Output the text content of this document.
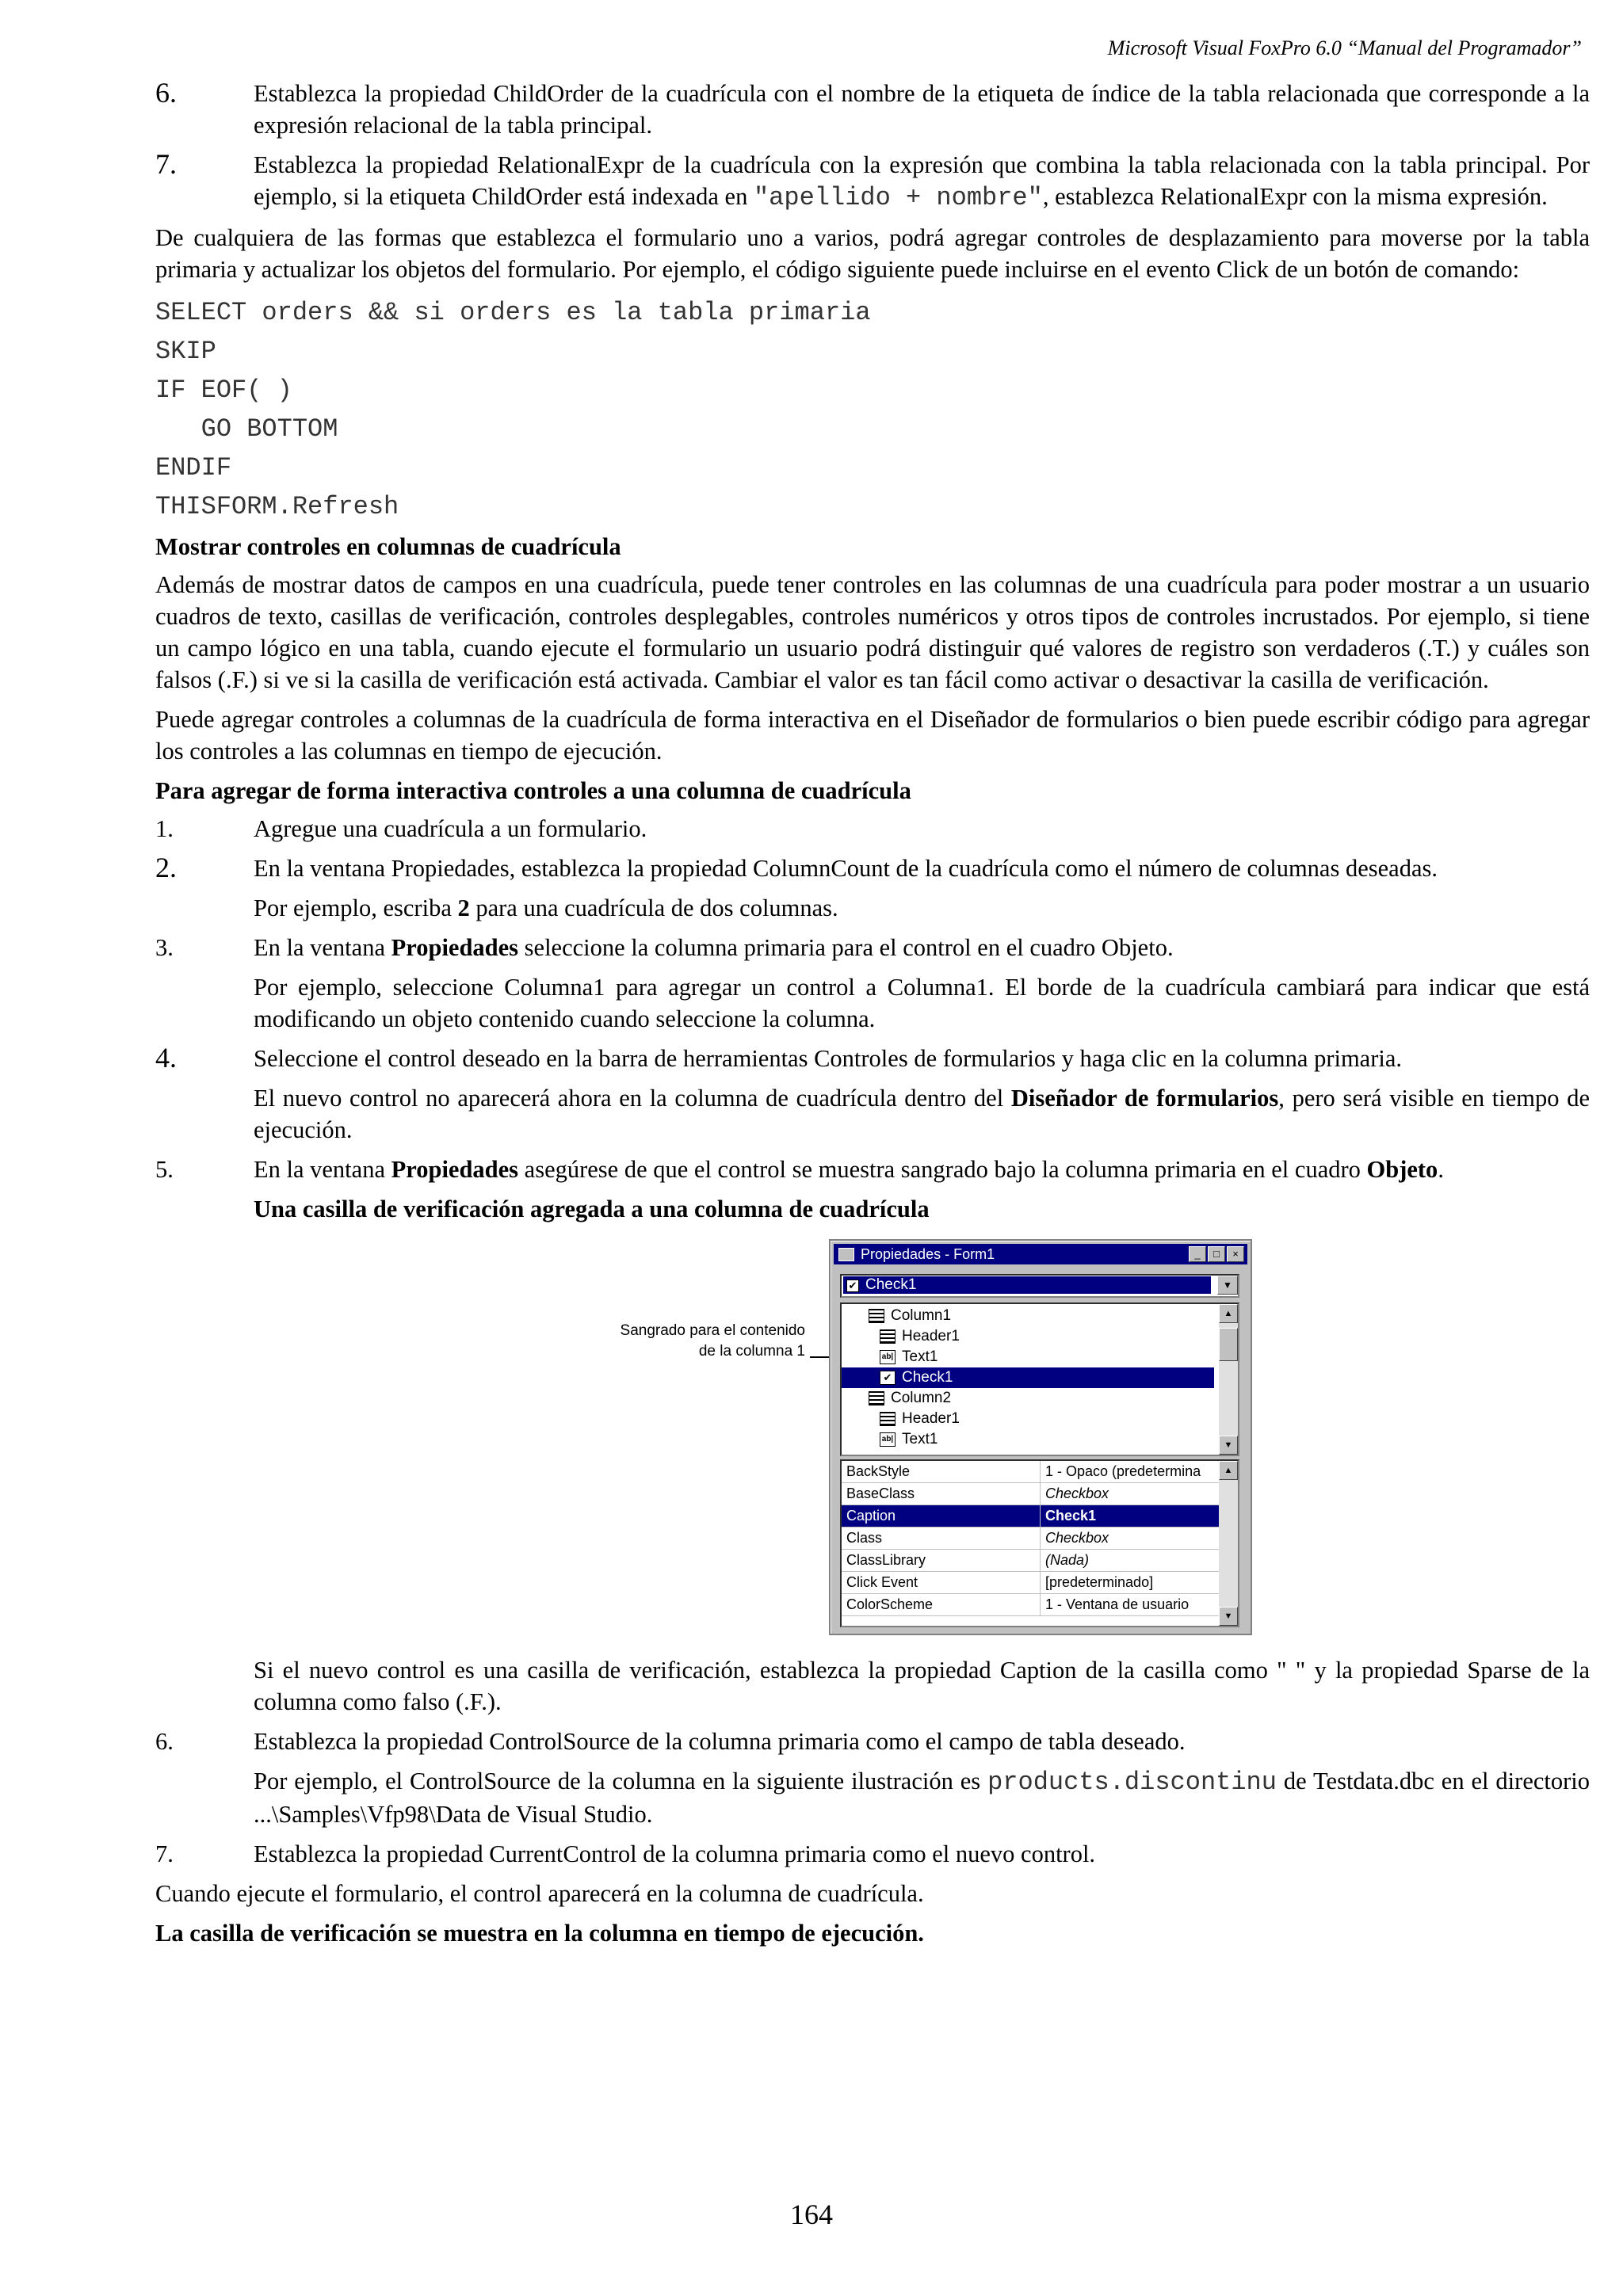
Microsoft Visual FoxPro 6.0 “Manual del Programador”
6.	Establezca la propiedad ChildOrder de la cuadrícula con el nombre de la etiqueta de índice de la tabla relacionada que corresponde a la expresión relacional de la tabla principal.
7.	Establezca la propiedad RelationalExpr de la cuadrícula con la expresión que combina la tabla relacionada con la tabla principal. Por ejemplo, si la etiqueta ChildOrder está indexada en "apellido + nombre", establezca RelationalExpr con la misma expresión.

De cualquiera de las formas que establezca el formulario uno a varios, podrá agregar controles de desplazamiento para moverse por la tabla primaria y actualizar los objetos del formulario. Por ejemplo, el código siguiente puede incluirse en el evento Click de un botón de comando:

SELECT orders && si orders es la tabla primaria
SKIP
IF EOF( )
GO BOTTOM
ENDIF
THISFORM.Refresh
Mostrar controles en columnas de cuadrícula

Además de mostrar datos de campos en una cuadrícula, puede tener controles en las columnas de una cuadrícula para poder mostrar a un usuario cuadros de texto, casillas de verificación, controles desplegables, controles numéricos y otros tipos de controles incrustados. Por ejemplo, si tiene un campo lógico en una tabla, cuando ejecute el formulario un usuario podrá distinguir qué valores de registro son verdaderos (.T.) y cuáles son falsos (.F.) si ve si la casilla de verificación está activada. Cambiar el valor es tan fácil como activar o desactivar la casilla de verificación.

Puede agregar controles a columnas de la cuadrícula de forma interactiva en el Diseñador de formularios o bien puede escribir código para agregar los controles a las columnas en tiempo de ejecución.

Para agregar de forma interactiva controles a una columna de cuadrícula
1.	Agregue una cuadrícula a un formulario.
2.	En la ventana Propiedades, establezca la propiedad ColumnCount de la cuadrícula como el número de columnas deseadas.

Por ejemplo, escriba 2 para una cuadrícula de dos columnas.

3.	En la ventana Propiedades seleccione la columna primaria para el control en el cuadro Objeto.

Por ejemplo, seleccione Columna1 para agregar un control a Columna1. El borde de la cuadrícula cambiará para indicar que está modificando un objeto contenido cuando seleccione la columna.

4.	Seleccione el control deseado en la barra de herramientas Controles de formularios y haga clic en la columna primaria.

El nuevo control no aparecerá ahora en la columna de cuadrícula dentro del Diseñador de formularios, pero será visible en tiempo de ejecución.

5.	En la ventana Propiedades asegúrese de que el control se muestra sangrado bajo la columna primaria en el cuadro Objeto.
Una casilla de verificación agregada a una columna de cuadrícula
Sangrado para el contenido
de la columna 1
Propiedades - Form1	_	□	×
✔ Check1	▼
Column1
Header1
ab| Text1
✔ Check1
Column2
Header1
ab| Text1
▲
▼
BackStyle	1 - Opaco (predetermina
BaseClass	Checkbox
Caption	Check1
Class	Checkbox
ClassLibrary	(Nada)
Click Event	[predeterminado]
ColorScheme	1 - Ventana de usuario
▲
▼

Si el nuevo control es una casilla de verificación, establezca la propiedad Caption de la casilla como " " y la propiedad Sparse de la columna como falso (.F.).

6.	Establezca la propiedad ControlSource de la columna primaria como el campo de tabla deseado.

Por ejemplo, el ControlSource de la columna en la siguiente ilustración es products.discontinu de Testdata.dbc en el directorio ...\Samples\Vfp98\Data de Visual Studio.

7.	Establezca la propiedad CurrentControl de la columna primaria como el nuevo control.

Cuando ejecute el formulario, el control aparecerá en la columna de cuadrícula.

La casilla de verificación se muestra en la columna en tiempo de ejecución.

164
